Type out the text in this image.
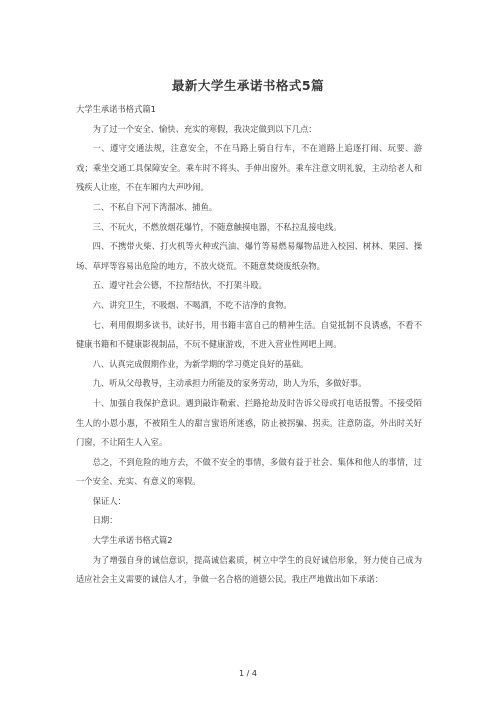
最新大学生承诺书格式5篇

大学生承诺书格式篇1

为了过一个安全、愉快、充实的寒假，我决定做到以下几点：

一、遵守交通法规，注意安全，不在马路上骑自行车，不在道路上追逐打闹、玩要、游戏；乘坐交通工具保障安全。乘车时不将头、手伸出窗外。乘车注意文明礼貌，主动给老人和残疾人让座，不在车厢内大声吵闹。

二、不私自下河下湾溜冰、捕鱼。

三、不玩火，不燃放烟花爆竹，不随意触摸电器，不私拉乱接电线。

四、不携带火柴、打火机等火种或汽油、爆竹等易燃易爆物品进入校园、树林、果园、操场、草坪等容易出危险的地方，不放火烧荒。不随意焚烧废纸杂物。

五、遵守社会公德，不拉帮结伙，不打架斗殴。

六、讲究卫生，不吸烟、不喝酒，不吃不洁净的食物。

七、利用假期多读书，读好书，用书籍丰富自己的精神生活。自觉抵制不良诱惑，不看不健康书籍和不健康影视制品，不玩不健康游戏，不进入营业性网吧上网。

八、认真完成假期作业，为新学期的学习奠定良好的基础。

九、听从父母教导，主动承担力所能及的家务劳动，助人为乐，多做好事。

十、加强自我保护意识。遇到敲诈勒索、拦路抢劫及时告诉父母或打电话报警。不接受陌生人的小恩小惠，不被陌生人的甜言蜜语所迷惑，防止被拐骗、拐卖。注意防盗，外出时关好门窗，不让陌生人入室。

总之，不到危险的地方去，不做不安全的事情，多做有益于社会、集体和他人的事情，过一个安全、充实、有意义的寒假。

保证人：

日期：

大学生承诺书格式篇2

为了增强自身的诚信意识，提高诚信素质，树立中学生的良好诚信形象，努力使自己成为适应社会主义需要的诚信人才，争做一名合格的道德公民。我庄严地做出如下承诺：

1 / 4
